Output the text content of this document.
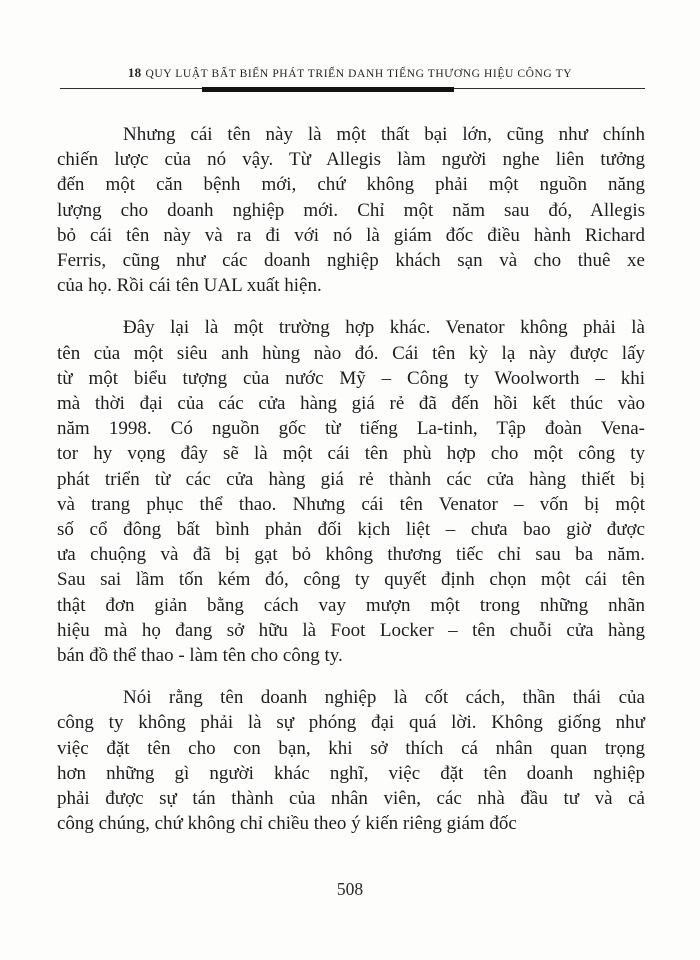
18 QUY LUẬT BẤT BIẾN PHÁT TRIỂN DANH TIẾNG THƯƠNG HIỆU CÔNG TY
Nhưng cái tên này là một thất bại lớn, cũng như chính
chiến lược của nó vậy. Từ Allegis làm người nghe liên tưởng
đến một căn bệnh mới, chứ không phải một nguồn năng
lượng cho doanh nghiệp mới. Chỉ một năm sau đó, Allegis
bỏ cái tên này và ra đi với nó là giám đốc điều hành Richard
Ferris, cũng như các doanh nghiệp khách sạn và cho thuê xe
của họ. Rồi cái tên UAL xuất hiện.
Đây lại là một trường hợp khác. Venator không phải là
tên của một siêu anh hùng nào đó. Cái tên kỳ lạ này được lấy
từ một biểu tượng của nước Mỹ – Công ty Woolworth – khi
mà thời đại của các cửa hàng giá rẻ đã đến hồi kết thúc vào
năm 1998. Có nguồn gốc từ tiếng La-tinh, Tập đoàn Vena-
tor hy vọng đây sẽ là một cái tên phù hợp cho một công ty
phát triển từ các cửa hàng giá rẻ thành các cửa hàng thiết bị
và trang phục thể thao. Nhưng cái tên Venator – vốn bị một
số cổ đông bất bình phản đối kịch liệt – chưa bao giờ được
ưa chuộng và đã bị gạt bỏ không thương tiếc chỉ sau ba năm.
Sau sai lầm tốn kém đó, công ty quyết định chọn một cái tên
thật đơn giản bằng cách vay mượn một trong những nhãn
hiệu mà họ đang sở hữu là Foot Locker – tên chuỗi cửa hàng
bán đồ thể thao - làm tên cho công ty.
Nói rằng tên doanh nghiệp là cốt cách, thần thái của
công ty không phải là sự phóng đại quá lời. Không giống như
việc đặt tên cho con bạn, khi sở thích cá nhân quan trọng
hơn những gì người khác nghĩ, việc đặt tên doanh nghiệp
phải được sự tán thành của nhân viên, các nhà đầu tư và cả
công chúng, chứ không chỉ chiều theo ý kiến riêng giám đốc
508
